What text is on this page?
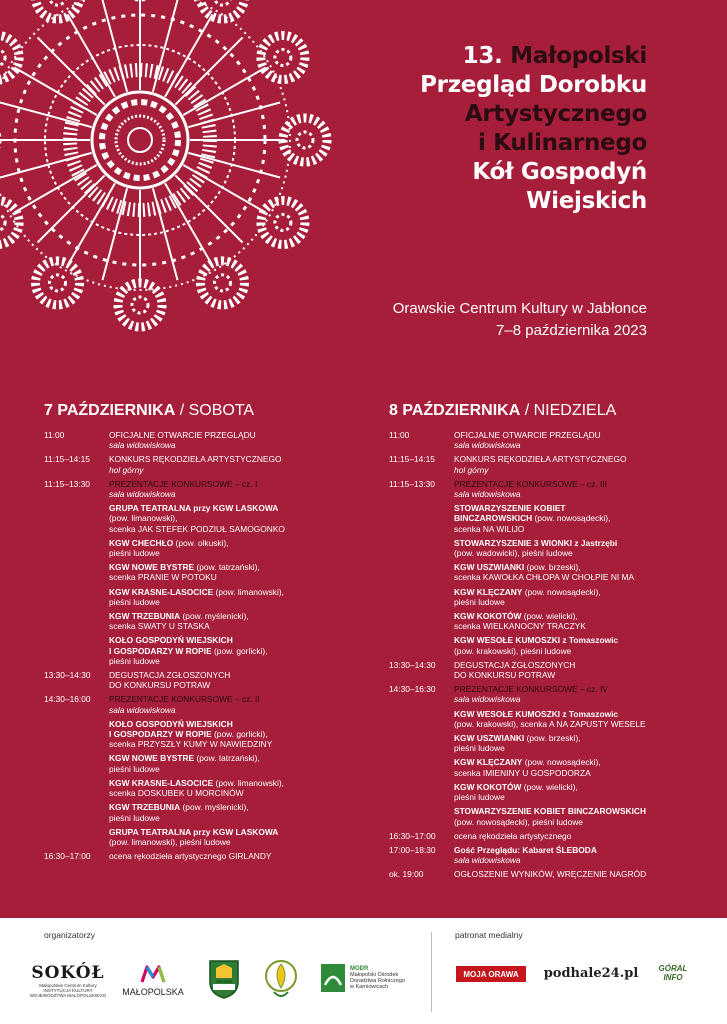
13. Małopolski
Przegląd Dorobku
Artystycznego
i Kulinarnego
Kół Gospodyń
Wiejskich
Orawskie Centrum Kultury w Jabłonce
7–8 października 2023
7 PAŹDZIERNIKA / SOBOTA
11:00	OFICJALNE OTWARCIE PRZEGLĄDU
sala widowiskowa
11:15–14:15	KONKURS RĘKODZIEŁA ARTYSTYCZNEGO
hol górny
11:15–13:30	PREZENTACJE KONKURSOWE – cz. I
sala widowiskowa
GRUPA TEATRALNA przy KGW LASKOWA
(pow. limanowski),
scenka JAK STEFEK PODZIUŁ SAMOGONKO
KGW CHECHŁO (pow. olkuski),
pieśni ludowe
KGW NOWE BYSTRE (pow. tatrzański),
scenka PRANIE W POTOKU
KGW KRASNE-LASOCICE (pow. limanowski),
pieśni ludowe
KGW TRZEBUNIA (pow. myślenicki),
scenka SWATY U STASKA
KOŁO GOSPODYŃ WIEJSKICH
I GOSPODARZY W ROPIE (pow. gorlicki),
pieśni ludowe
13:30–14:30	DEGUSTACJA ZGŁOSZONYCH
DO KONKURSU POTRAW
14:30–16:00	PREZENTACJE KONKURSOWE – cz. II
sala widowiskowa
KOŁO GOSPODYŃ WIEJSKICH
I GOSPODARZY W ROPIE (pow. gorlicki),
scenka PRZYSZŁY KUMY W NAWIEDZINY
KGW NOWE BYSTRE (pow. tatrzański),
pieśni ludowe
KGW KRASNE-LASOCICE (pow. limanowski),
scenka DOSKUBEK U MORCINÓW
KGW TRZEBUNIA (pow. myślenicki),
pieśni ludowe
GRUPA TEATRALNA przy KGW LASKOWA
(pow. limanowski), pieśni ludowe
16:30–17:00	ocena rękodzieła artystycznego GIRLANDY
8 PAŹDZIERNIKA / NIEDZIELA
11:00	OFICJALNE OTWARCIE PRZEGLĄDU
sala widowiskowa
11:15–14:15	KONKURS RĘKODZIEŁA ARTYSTYCZNEGO
hol górny
11:15–13:30	PREZENTACJE KONKURSOWE – cz. III
sala widowiskowa
STOWARZYSZENIE KOBIET
BINCZAROWSKICH (pow. nowosądecki),
scenka NA WILIJO
STOWARZYSZENIE 3 WIONKI z Jastrzębi
(pow. wadowicki), pieśni ludowe
KGW USZWIANKI (pow. brzeski),
scenka KAWOŁKA CHŁOPA W CHOŁPIE NI MA
KGW KLĘCZANY (pow. nowosądecki),
pieśni ludowe
KGW KOKOTÓW (pow. wielicki),
scenka WIELKANOCNY TRACZYK
KGW WESOŁE KUMOSZKI z Tomaszowic
(pow. krakowski), pieśni ludowe
13:30–14:30	DEGUSTACJA ZGŁOSZONYCH
DO KONKURSU POTRAW
14:30–16:30	PREZENTACJE KONKURSOWE – cz. IV
sala widowiskowa
KGW WESOŁE KUMOSZKI z Tomaszowic
(pow. krakowski), scenka A NA ZAPUSTY WESELE
KGW USZWIANKI (pow. brzeski),
pieśni ludowe
KGW KLĘCZANY (pow. nowosądecki),
scenka IMIENINY U GOSPODORZA
KGW KOKOTÓW (pow. wielicki),
pieśni ludowe
STOWARZYSZENIE KOBIET BINCZAROWSKICH
(pow. nowosądecki), pieśni ludowe
16:30–17:00	ocena rękodzieła artystycznego
17:00–18:30	Gość Przeglądu: Kabaret ŚLEBODA
sala widowiskowa
ok. 19:00	OGŁOSZENIE WYNIKÓW, WRĘCZENIE NAGRÓD
organizatorzy	patronat medialny
SOKÓŁ
Małopolskie Centrum Kultury
INSTYTUCJA KULTURY
WOJEWÓDZTWA MAŁOPOLSKIEGO MAŁOPOLSKA
ORAWA
MODR
Małopolski Ośrodek
Doradztwa Rolniczego
w Karniowicach
MOJA ORAWA podhale24.pl	GÓRAL INFO
